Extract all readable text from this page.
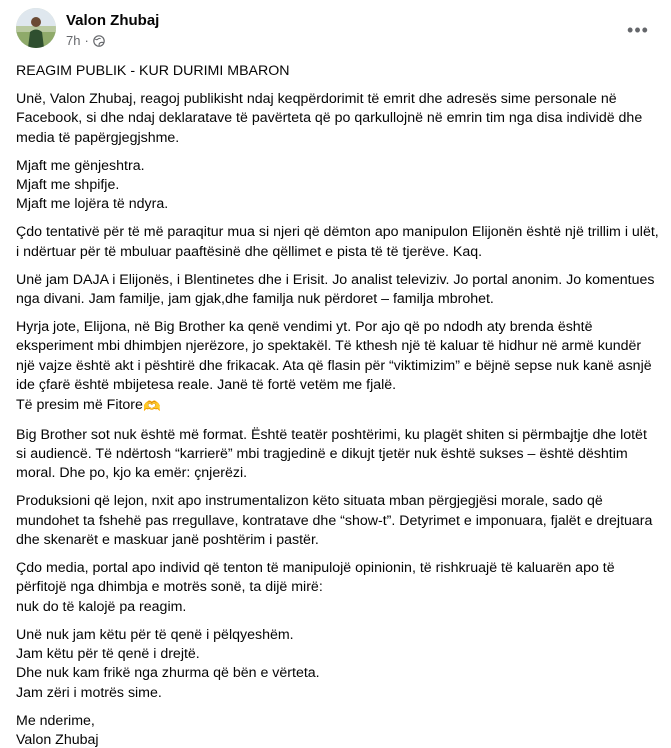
Valon Zhubaj
7h ·
•••

REAGIM PUBLIK - KUR DURIMI MBARON

Unë, Valon Zhubaj, reagoj publikisht ndaj keqpërdorimit të emrit dhe adresës sime personale në Facebook, si dhe ndaj deklaratave të pavërteta që po qarkullojnë në emrin tim nga disa individë dhe media të papërgjegjshme.

Mjaft me gënjeshtra.
Mjaft me shpifje.
Mjaft me lojëra të ndyra.

Çdo tentativë për të më paraqitur mua si njeri që dëmton apo manipulon Elijonën është një trillim i ulët, i ndërtuar për të mbuluar paaftësinë dhe qëllimet e pista të të tjerëve. Kaq.

Unë jam DAJA i Elijonës, i Blentinetes dhe i Erisit. Jo analist televiziv. Jo portal anonim. Jo komentues nga divani. Jam familje, jam gjak,dhe familja nuk përdoret – familja mbrohet.

Hyrja jote, Elijona, në Big Brother ka qenë vendimi yt. Por ajo që po ndodh aty brenda është eksperiment mbi dhimbjen njerëzore, jo spektakël. Të kthesh një të kaluar të hidhur në armë kundër një vajze është akt i pështirë dhe frikacak. Ata që flasin për “viktimizim” e bëjnë sepse nuk kanë asnjë ide çfarë është mbijetesa reale. Janë të fortë vetëm me fjalë.
Të presim më Fitore🫶

Big Brother sot nuk është më format. Është teatër poshtërimi, ku plagët shiten si përmbajtje dhe lotët si audiencë. Të ndërtosh “karrierë” mbi tragjedinë e dikujt tjetër nuk është sukses – është dështim moral. Dhe po, kjo ka emër: çnjerëzi.

Produksioni që lejon, nxit apo instrumentalizon këto situata mban përgjegjësi morale, sado që mundohet ta fshehë pas rregullave, kontratave dhe “show-t”. Detyrimet e imponuara, fjalët e drejtuara dhe skenarët e maskuar janë poshtërim i pastër.

Çdo media, portal apo individ që tenton të manipulojë opinionin, të rishkruajë të kaluarën apo të përfitojë nga dhimbja e motrës sonë, ta dijë mirë:
nuk do të kalojë pa reagim.

Unë nuk jam këtu për të qenë i pëlqyeshëm.
Jam këtu për të qenë i drejtë.
Dhe nuk kam frikë nga zhurma që bën e vërteta.
Jam zëri i motrës sime.

Me nderime,
Valon Zhubaj
